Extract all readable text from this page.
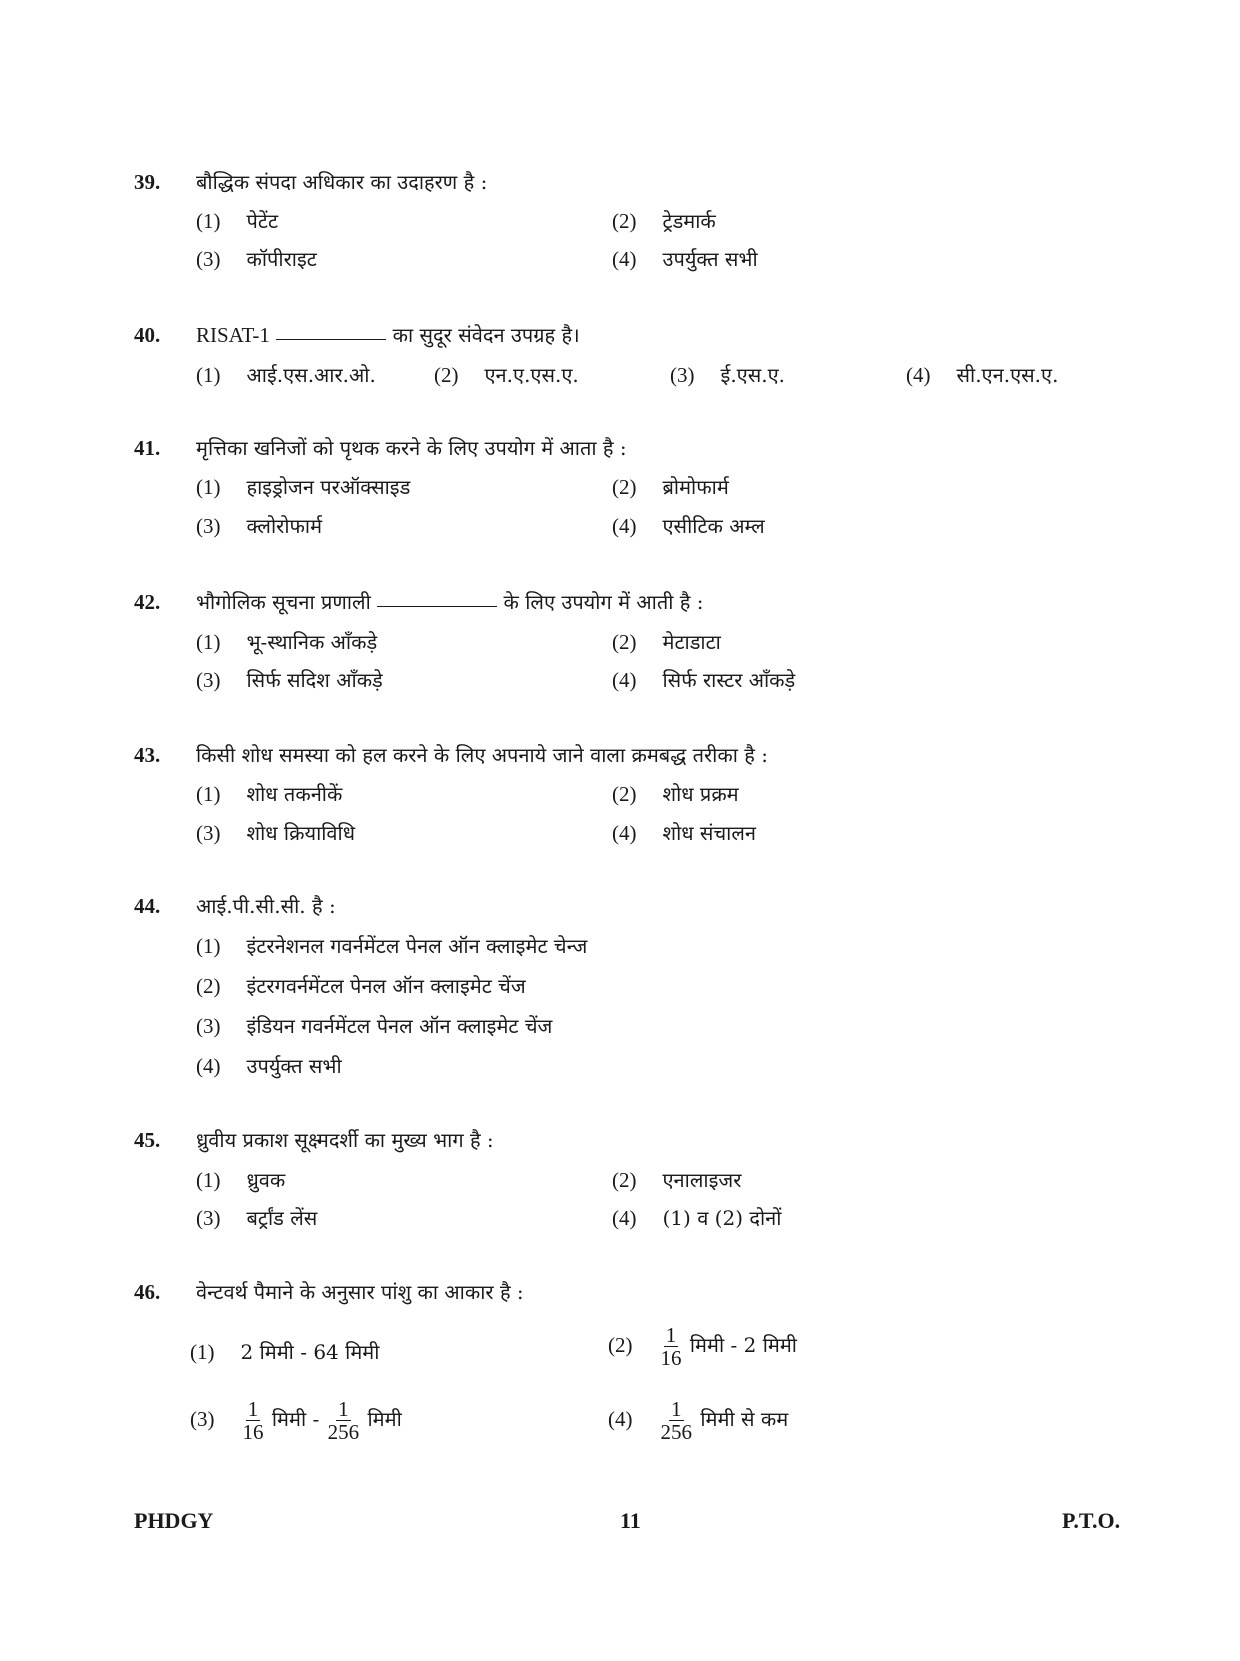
39. बौद्धिक संपदा अधिकार का उदाहरण है :
(1) पेटेंट	(2) ट्रेडमार्क
(3) कॉपीराइट	(4) उपर्युक्त सभी
40. RISAT-1	का सुदूर संवेदन उपग्रह है।
(1) आई.एस.आर.ओ.	(2) एन.ए.एस.ए.	(3) ई.एस.ए.	(4) सी.एन.एस.ए.
41. मृत्तिका खनिजों को पृथक करने के लिए उपयोग में आता है :
(1) हाइड्रोजन परऑक्साइड	(2) ब्रोमोफार्म
(3) क्लोरोफार्म	(4) एसीटिक अम्ल
42. भौगोलिक सूचना प्रणाली	के लिए उपयोग में आती है :
(1) भू-स्थानिक आँकड़े	(2) मेटाडाटा
(3) सिर्फ सदिश आँकड़े	(4) सिर्फ रास्टर आँकड़े
43. किसी शोध समस्या को हल करने के लिए अपनाये जाने वाला क्रमबद्ध तरीका है :
(1) शोध तकनीकें	(2) शोध प्रक्रम
(3) शोध क्रियाविधि	(4) शोध संचालन
44. आई.पी.सी.सी. है :
(1) इंटरनेशनल गवर्नमेंटल पेनल ऑन क्लाइमेट चेन्ज
(2) इंटरगवर्नमेंटल पेनल ऑन क्लाइमेट चेंज
(3) इंडियन गवर्नमेंटल पेनल ऑन क्लाइमेट चेंज
(4) उपर्युक्त सभी
45. ध्रुवीय प्रकाश सूक्ष्मदर्शी का मुख्य भाग है :
(1) ध्रुवक	(2) एनालाइजर
(3) बर्ट्रांड लेंस	(4) (1) व (2) दोनों
46. वेन्टवर्थ पैमाने के अनुसार पांशु का आकार है :
(1) 2 मिमी - 64 मिमी	$(2) \frac{1}{16}$ मिमी - 2 मिमी
$(3) \frac{1}{16}$ मिमी - $\frac{1}{256}$ मिमी	$(4) \frac{1}{256}$ मिमी से कम
PHDGY	11	P.T.O.
